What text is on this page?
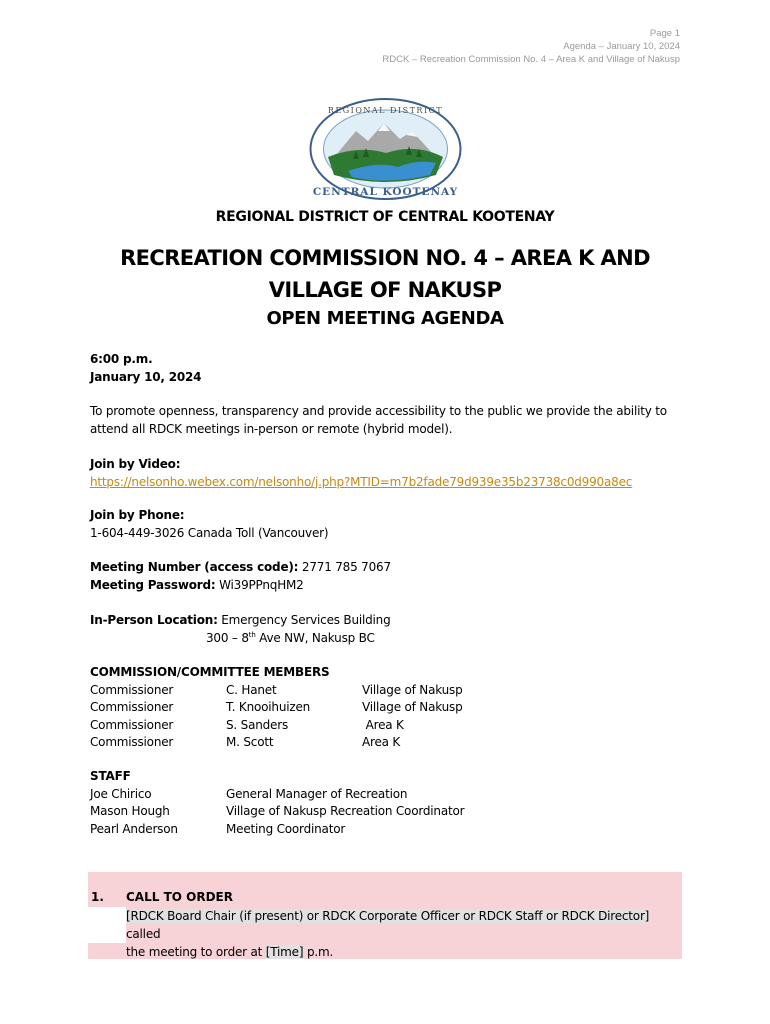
Page 1
Agenda – January 10, 2024
RDCK – Recreation Commission No. 4 – Area K and Village of Nakusp
REGIONAL DISTRICT
CENTRAL KOOTENAY
REGIONAL DISTRICT OF CENTRAL KOOTENAY
RECREATION COMMISSION NO. 4 – AREA K AND
VILLAGE OF NAKUSP
OPEN MEETING AGENDA
6:00 p.m.
January 10, 2024
To promote openness, transparency and provide accessibility to the public we provide the ability to
attend all RDCK meetings in-person or remote (hybrid model).
Join by Video:
https://nelsonho.webex.com/nelsonho/j.php?MTID=m7b2fade79d939e35b23738c0d990a8ec
Join by Phone:
1-604-449-3026 Canada Toll (Vancouver)
Meeting Number (access code): 2771 785 7067
Meeting Password: Wi39PPnqHM2
In-Person Location: Emergency Services Building
300 – 8th Ave NW, Nakusp BC
COMMISSION/COMMITTEE MEMBERS
Commissioner	C. Hanet	Village of Nakusp
Commissioner	T. Knooihuizen	Village of Nakusp
Commissioner	S. Sanders	Area K
Commissioner	M. Scott	Area K
STAFF
Joe Chirico	General Manager of Recreation
Mason Hough	Village of Nakusp Recreation Coordinator
Pearl Anderson	Meeting Coordinator
1. CALL TO ORDER
[RDCK Board Chair (if present) or RDCK Corporate Officer or RDCK Staff or RDCK Director] called
the meeting to order at [Time] p.m.
